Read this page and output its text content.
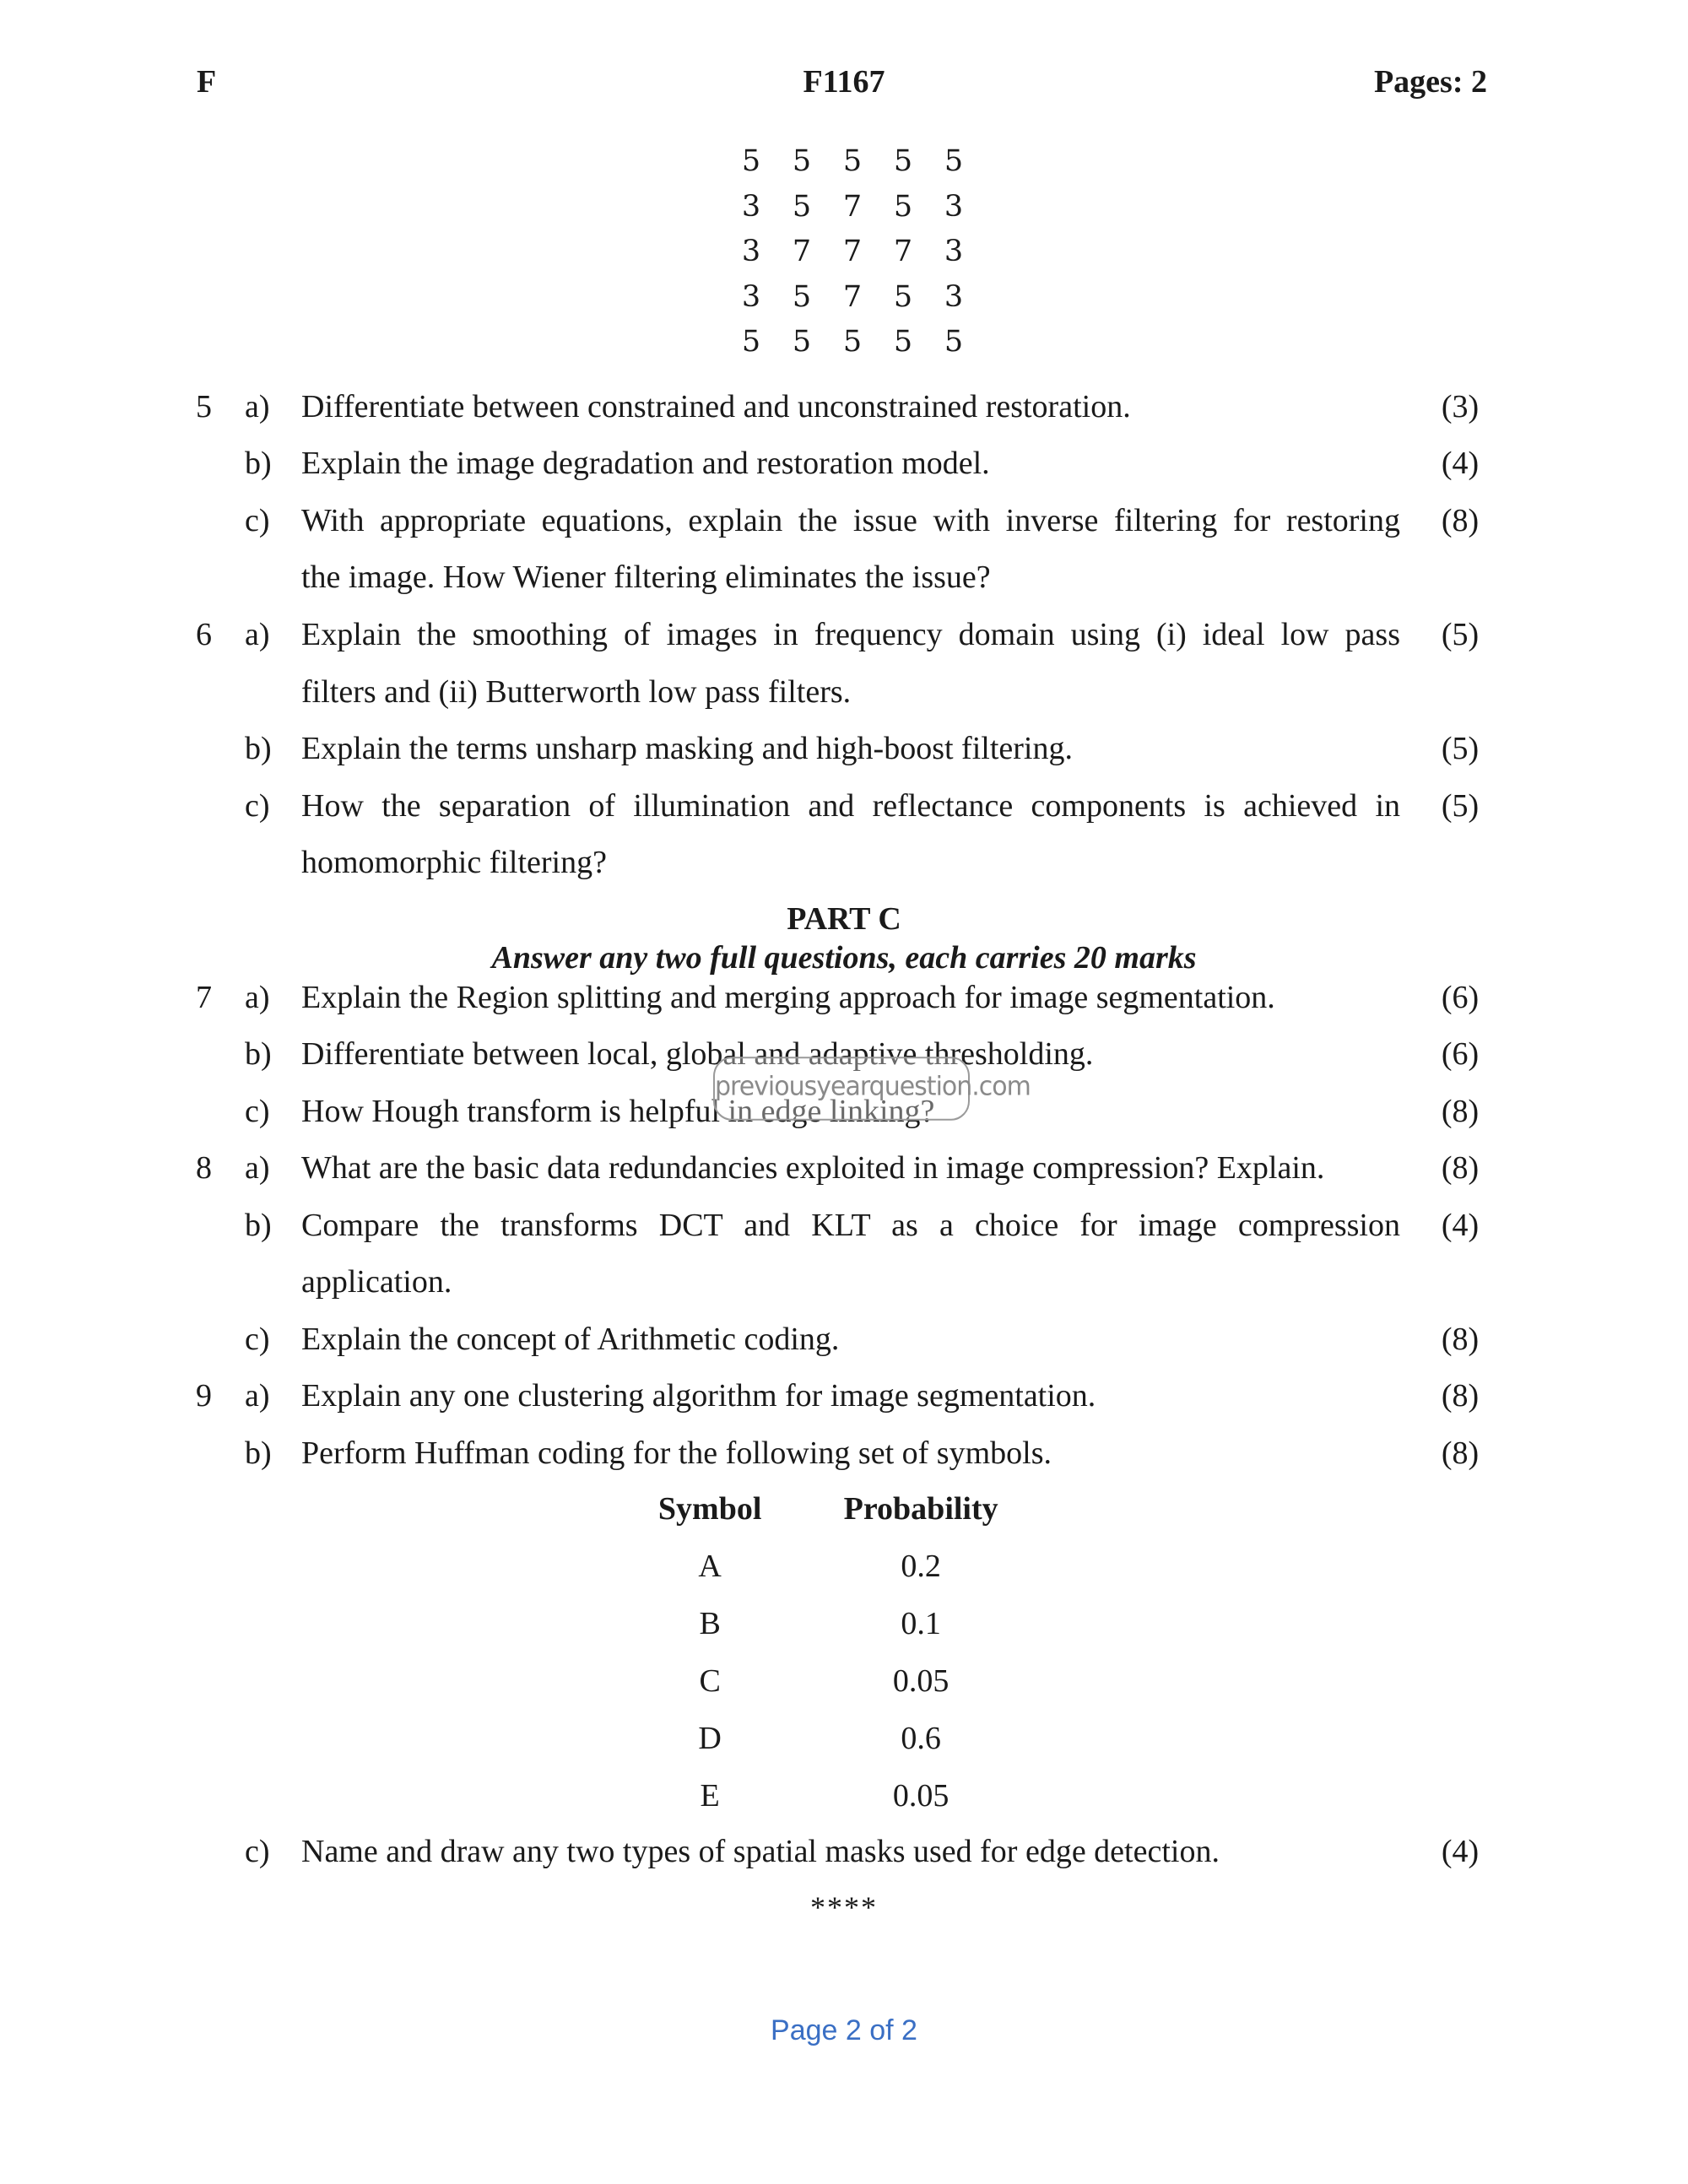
F	F1167	Pages: 2
5	5	5	5	5
3	5	7	5	3
3	7	7	7	3
3	5	7	5	3
5	5	5	5	5
5 a) Differentiate between constrained and unconstrained restoration.	(3)
b) Explain the image degradation and restoration model.	(4)
c) With appropriate equations, explain the issue with inverse filtering for restoring (8)
the image. How Wiener filtering eliminates the issue?
6 a) Explain the smoothing of images in frequency domain using (i) ideal low pass (5)
filters and (ii) Butterworth low pass filters.
b) Explain the terms unsharp masking and high-boost filtering.	(5)
c) How the separation of illumination and reflectance components is achieved in (5)
homomorphic filtering?
PART C
Answer any two full questions, each carries 20 marks
7 a) Explain the Region splitting and merging approach for image segmentation.	(6)
b) Differentiate between local, global and adaptive thresholding.	(6)
c) How Hough transform is helpful in edge linking?	(8)
previousyearquestion.com
8 a) What are the basic data redundancies exploited in image compression? Explain.	(8)
b) Compare the transforms DCT and KLT as a choice for image compression (4)
application.
c) Explain the concept of Arithmetic coding.	(8)
9 a) Explain any one clustering algorithm for image segmentation.	(8)
b) Perform Huffman coding for the following set of symbols.	(8)
Symbol	Probability
A	0.2
B	0.1
C	0.05
D	0.6
E	0.05
c) Name and draw any two types of spatial masks used for edge detection.	(4)
****
Page 2 of 2
